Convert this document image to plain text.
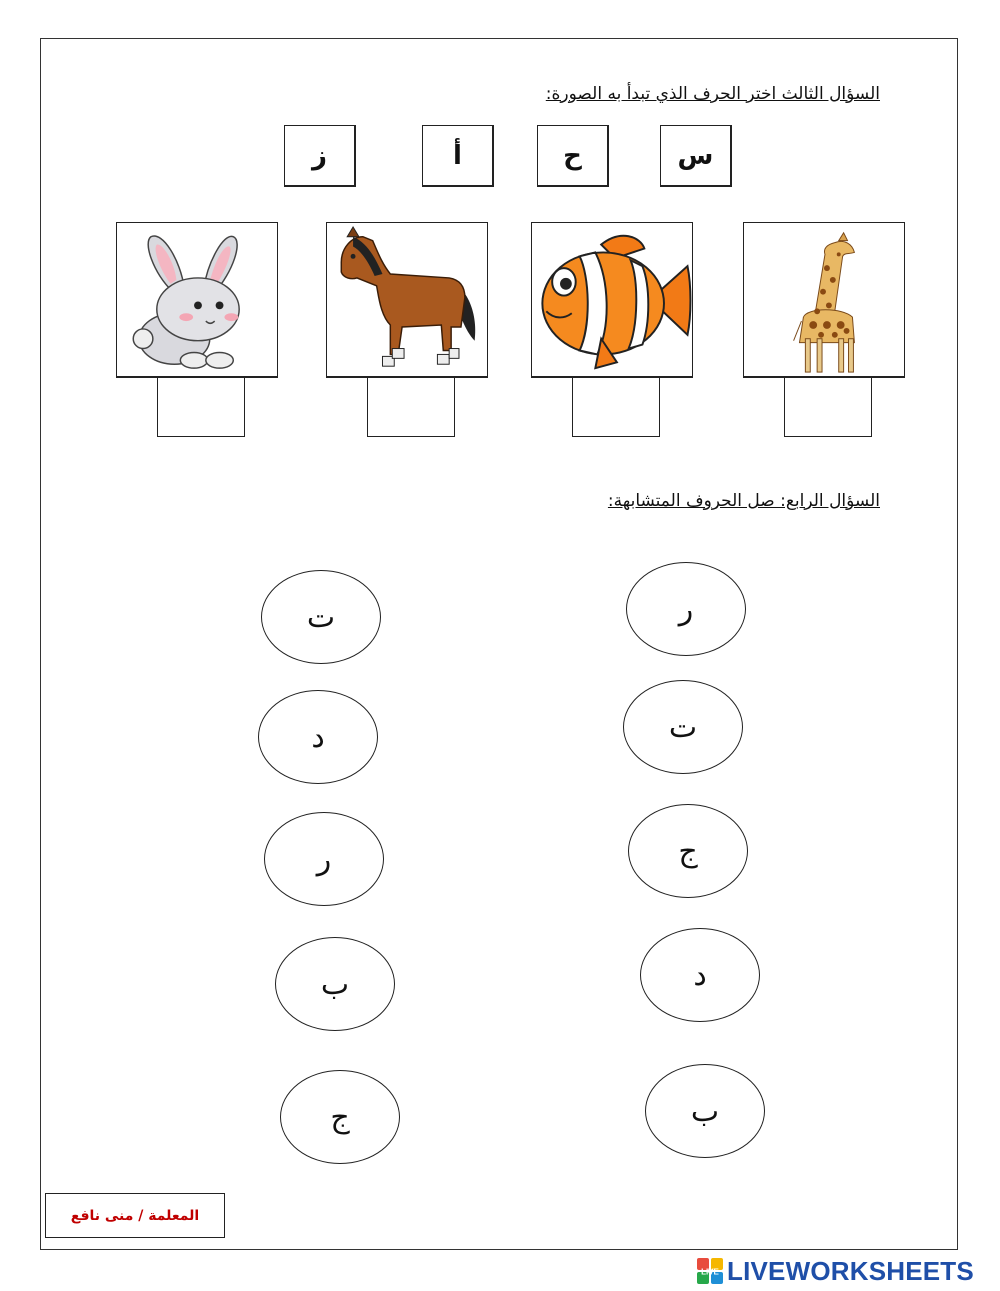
السؤال الثالث اختر الحرف الذي تبدأ به الصورة:
س
ح
أ
ز
السؤال الرابع: صل الحروف المتشابهة:
ر
ت
ج
د
ب
ت
د
ر
ب
ج
المعلمة / منى نافع
LIVE LIVEWORKSHEETS
